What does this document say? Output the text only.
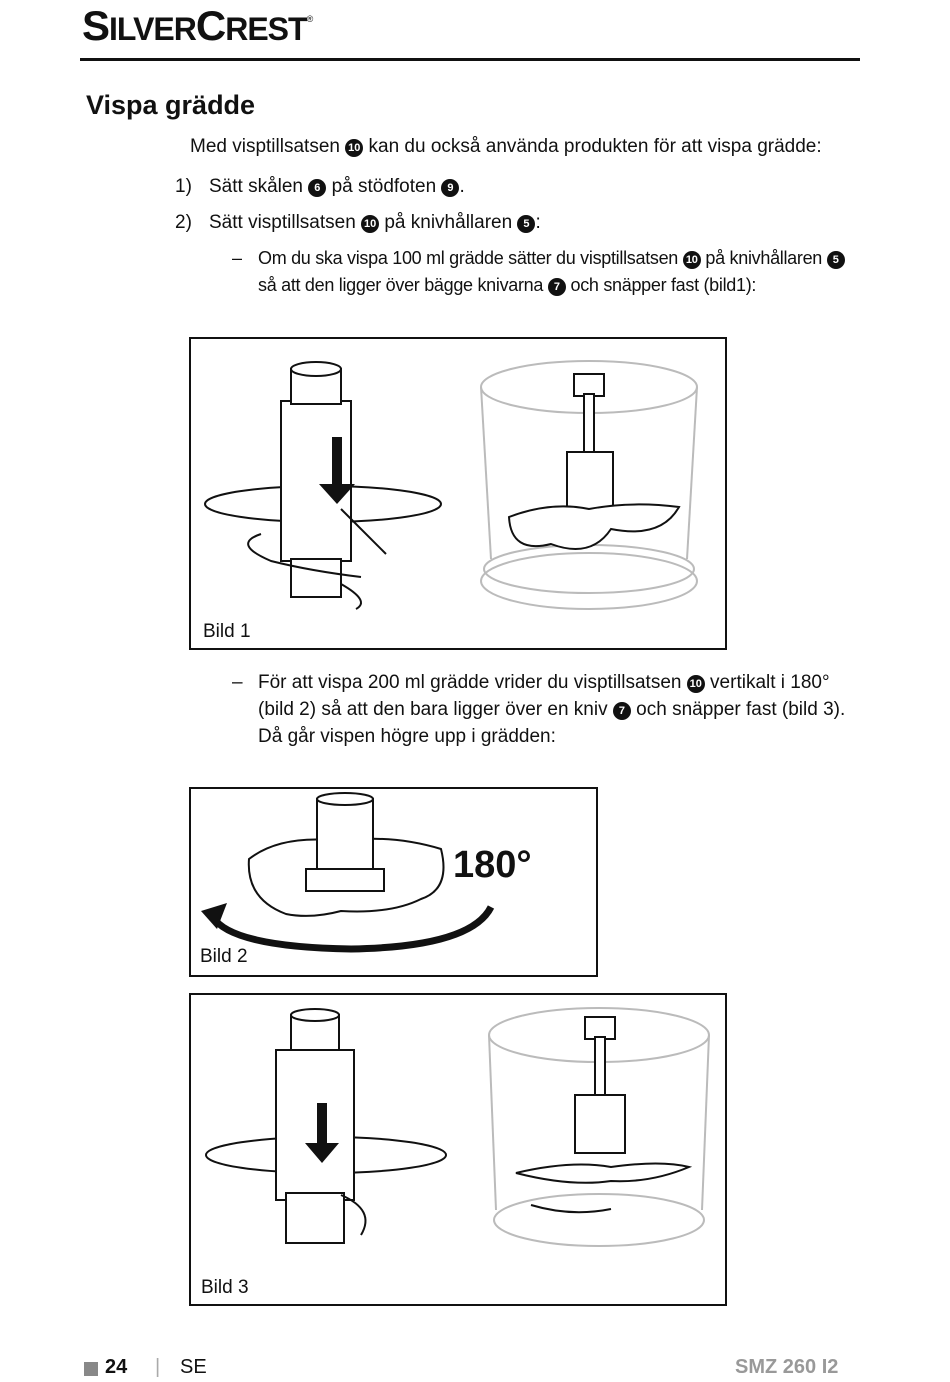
SILVERCREST®
Vispa grädde
Med visptillsatsen 10 kan du också använda produkten för att vispa grädde:
1) Sätt skålen 6 på stödfoten 9 .
2) Sätt visptillsatsen 10 på knivhållaren 5 :
– Om du ska vispa 100 ml grädde sätter du visptillsatsen 10 på knivhållaren 5
så att den ligger över bägge knivarna 7 och snäpper fast (bild1):
Bild 1
– För att vispa 200 ml grädde vrider du visptillsatsen 10 vertikalt i 180°
(bild 2) så att den bara ligger över en kniv 7 och snäpper fast (bild 3).
Då går vispen högre upp i grädden:
180°
Bild 2
Bild 3
24 | SE	SMZ 260 I2
